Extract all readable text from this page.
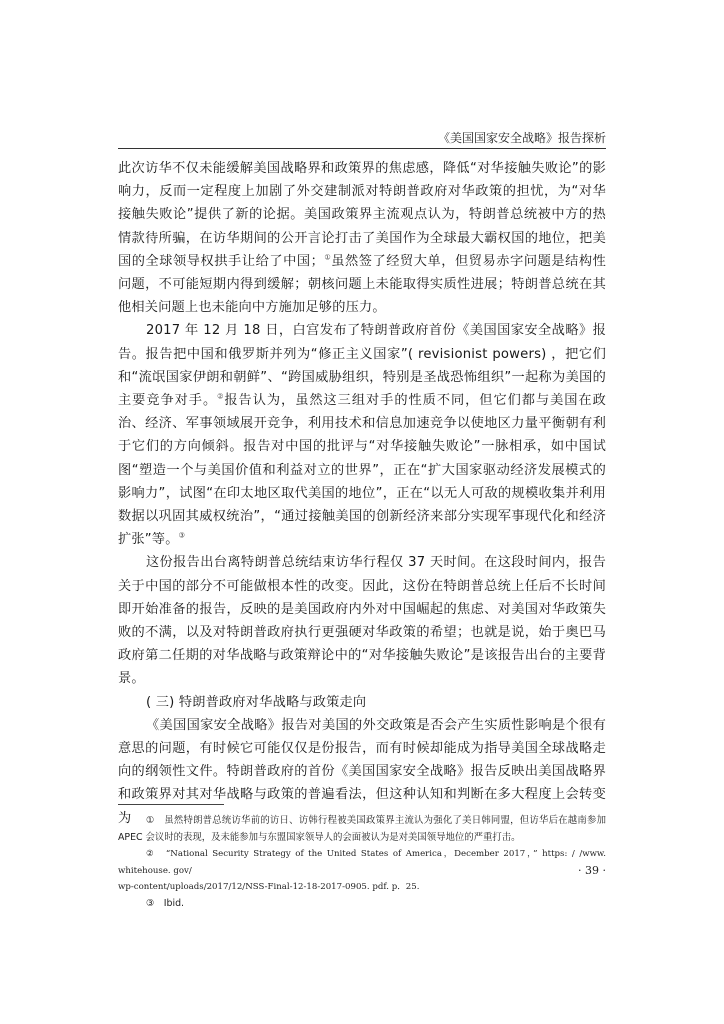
《美国国家安全战略》报告探析

此次访华不仅未能缓解美国战略界和政策界的焦虑感，降低“对华接触失败论”的影响力，反而一定程度上加剧了外交建制派对特朗普政府对华政策的担忧，为“对华接触失败论”提供了新的论据。美国政策界主流观点认为，特朗普总统被中方的热情款待所骗，在访华期间的公开言论打击了美国作为全球最大霸权国的地位，把美国的全球领导权拱手让给了中国；①虽然签了经贸大单，但贸易赤字问题是结构性问题，不可能短期内得到缓解；朝核问题上未能取得实质性进展；特朗普总统在其他相关问题上也未能向中方施加足够的压力。

2017 年 12 月 18 日，白宫发布了特朗普政府首份《美国国家安全战略》报告。报告把中国和俄罗斯并列为“修正主义国家”( revisionist powers) ，把它们和“流氓国家伊朗和朝鲜”、“跨国威胁组织，特别是圣战恐怖组织”一起称为美国的主要竞争对手。②报告认为，虽然这三组对手的性质不同，但它们都与美国在政治、经济、军事领域展开竞争，利用技术和信息加速竞争以使地区力量平衡朝有利于它们的方向倾斜。报告对中国的批评与“对华接触失败论”一脉相承，如中国试图“塑造一个与美国价值和利益对立的世界”，正在“扩大国家驱动经济发展模式的影响力”，试图“在印太地区取代美国的地位”，正在“以无人可敌的规模收集并利用数据以巩固其威权统治”，“通过接触美国的创新经济来部分实现军事现代化和经济扩张”等。③

这份报告出台离特朗普总统结束访华行程仅 37 天时间。在这段时间内，报告关于中国的部分不可能做根本性的改变。因此，这份在特朗普总统上任后不长时间即开始准备的报告，反映的是美国政府内外对中国崛起的焦虑、对美国对华政策失败的不满，以及对特朗普政府执行更强硬对华政策的希望；也就是说，始于奥巴马政府第二任期的对华战略与政策辩论中的“对华接触失败论”是该报告出台的主要背景。

( 三) 特朗普政府对华战略与政策走向

《美国国家安全战略》报告对美国的外交政策是否会产生实质性影响是个很有意思的问题，有时候它可能仅仅是份报告，而有时候却能成为指导美国全球战略走向的纲领性文件。特朗普政府的首份《美国国家安全战略》报告反映出美国战略界和政策界对其对华战略与政策的普遍看法，但这种认知和判断在多大程度上会转变为	①　虽然特朗普总统访华前的访日、访韩行程被美国政策界主流认为强化了美日韩同盟，但访华后在越南参加 APEC 会议时的表现，及未能参加与东盟国家领导人的会面被认为是对美国领导地位的严重打击。

②　“National Security Strategy of the United States of America，December 2017，” https: / /www. whitehouse. gov/

wp-content/uploads/2017/12/NSS-Final-12-18-2017-0905. pdf. p．25.

③　Ibid.

· 39 ·
